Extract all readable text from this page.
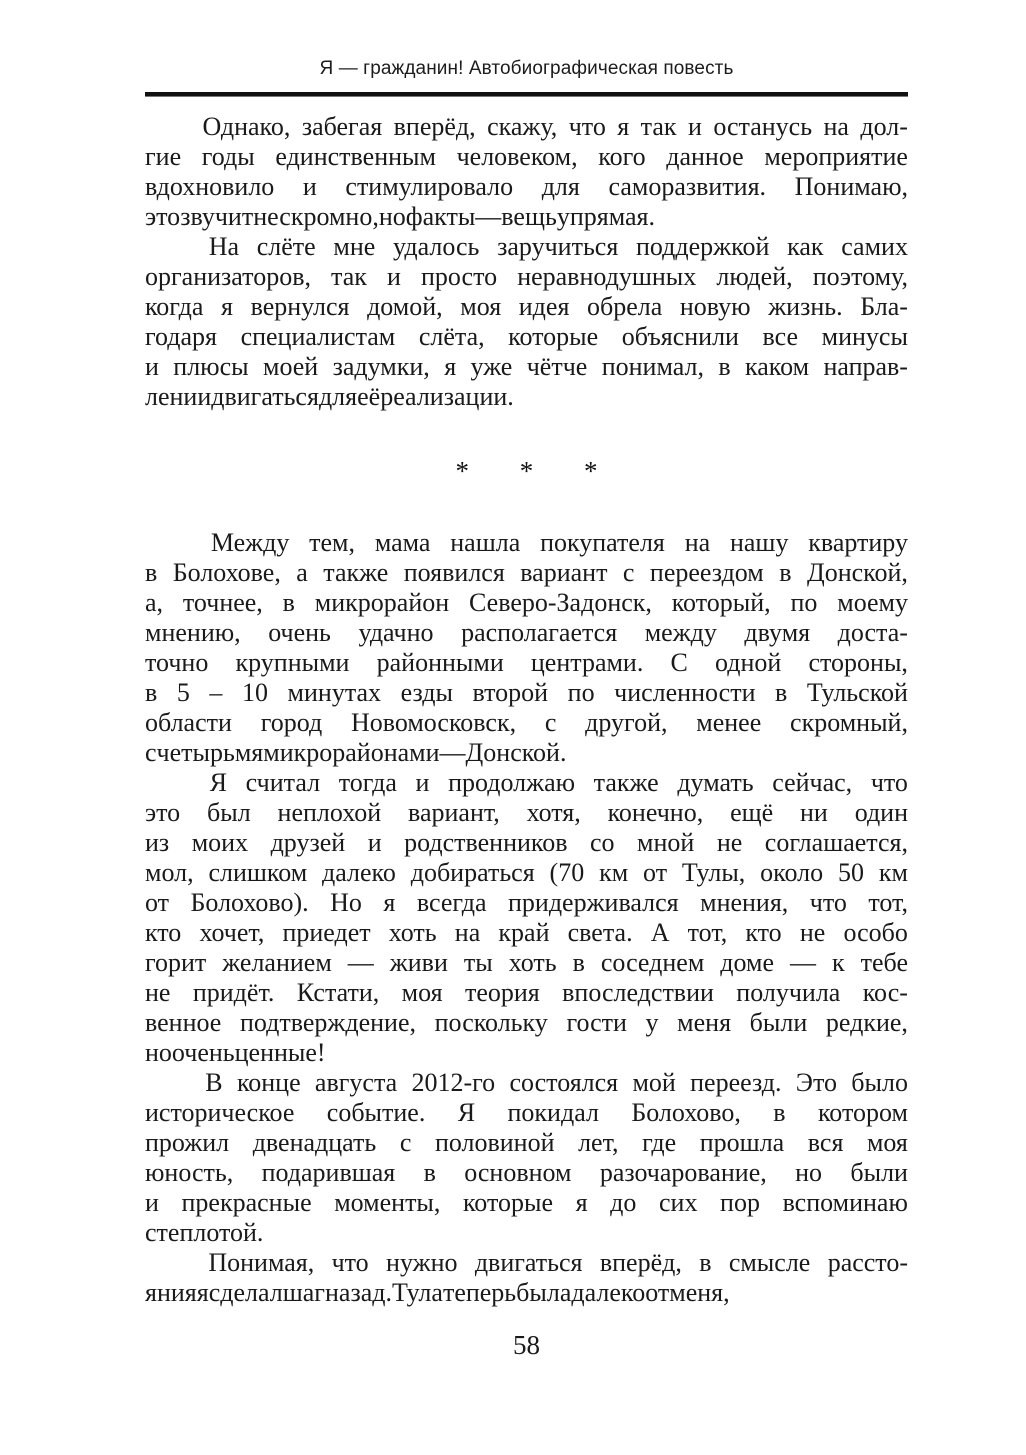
Я — гражданин! Автобиографическая повесть

Однако, забегая вперёд, скажу, что я так и останусь на дол-
гие годы единственным человеком, кого данное мероприятие
вдохновило и стимулировало для саморазвития. Понимаю,
это звучит нескромно, но факты — вещь упрямая.

На слёте мне удалось заручиться поддержкой как самих
организаторов, так и просто неравнодушных людей, поэтому,
когда я вернулся домой, моя идея обрела новую жизнь. Бла-
годаря специалистам слёта, которые объяснили все минусы
и плюсы моей задумки, я уже чётче понимал, в каком направ-
лении двигаться для её реализации.

* * *

Между тем, мама нашла покупателя на нашу квартиру
в Болохове, а также появился вариант с переездом в Донской,
а, точнее, в микрорайон Северо-Задонск, который, по моему
мнению, очень удачно располагается между двумя доста-
точно крупными районными центрами. С одной стороны,
в 5 – 10 минутах езды второй по численности в Тульской
области город Новомосковск, с другой, менее скромный,
с четырьмя микрорайонами — Донской.

Я считал тогда и продолжаю также думать сейчас, что
это был неплохой вариант, хотя, конечно, ещё ни один
из моих друзей и родственников со мной не соглашается,
мол, слишком далеко добираться (70 км от Тулы, около 50 км
от Болохово). Но я всегда придерживался мнения, что тот,
кто хочет, приедет хоть на край света. А тот, кто не особо
горит желанием — живи ты хоть в соседнем доме — к тебе
не придёт. Кстати, моя теория впоследствии получила кос-
венное подтверждение, поскольку гости у меня были редкие,
но очень ценные!

В конце августа 2012-го состоялся мой переезд. Это было
историческое событие. Я покидал Болохово, в котором
прожил двенадцать с половиной лет, где прошла вся моя
юность, подарившая в основном разочарование, но были
и прекрасные моменты, которые я до сих пор вспоминаю
с теплотой.

Понимая, что нужно двигаться вперёд, в смысле рассто-
яния я сделал шаг назад. Тула теперь была далеко от меня,

58
